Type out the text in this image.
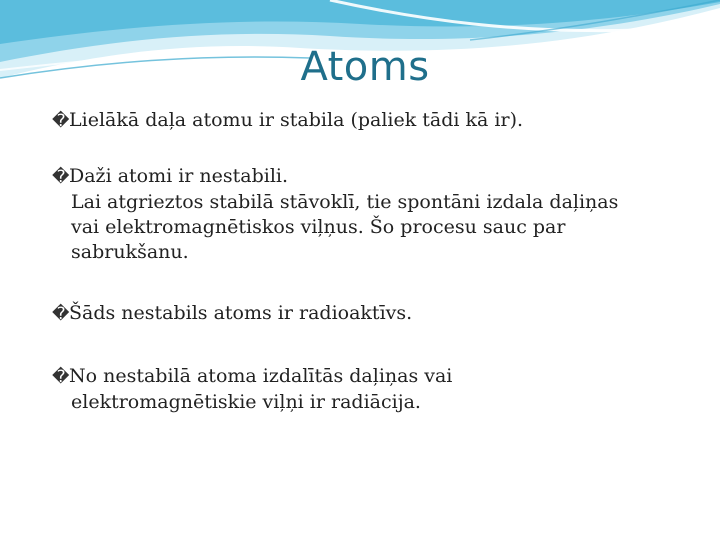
Atoms
�Lielākā daļa atomu ir stabila (paliek tādi kā ir).
�Daži atomi ir nestabili.
Lai atgrieztos stabilā stāvoklī, tie spontāni izdala daļiņas
vai elektromagnētiskos viļņus. Šo procesu sauc par
sabrukšanu.
�Šāds nestabils atoms ir radioaktīvs.
�No nestabilā atoma izdalītās daļiņas vai
elektromagnētiskie viļņi ir radiācija.
